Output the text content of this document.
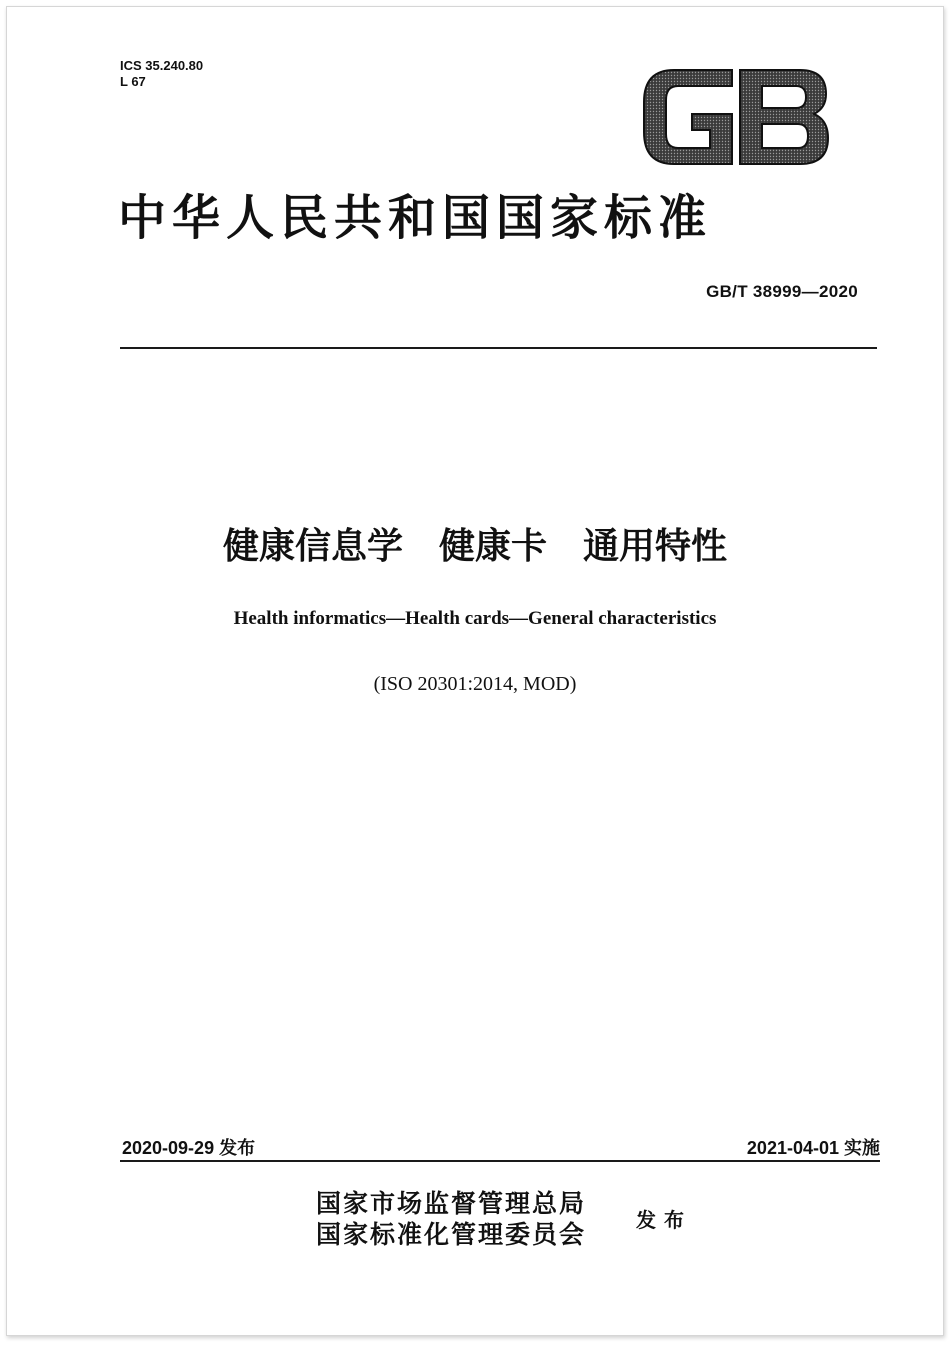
ICS 35.240.80
L 67
中华人民共和国国家标准
GB/T 38999—2020
健康信息学　健康卡　通用特性
Health informatics—Health cards—General characteristics
(ISO 20301:2014, MOD)
2020-09-29 发布	2021-04-01 实施
国家市场监督管理总局
国家标准化管理委员会 发布
